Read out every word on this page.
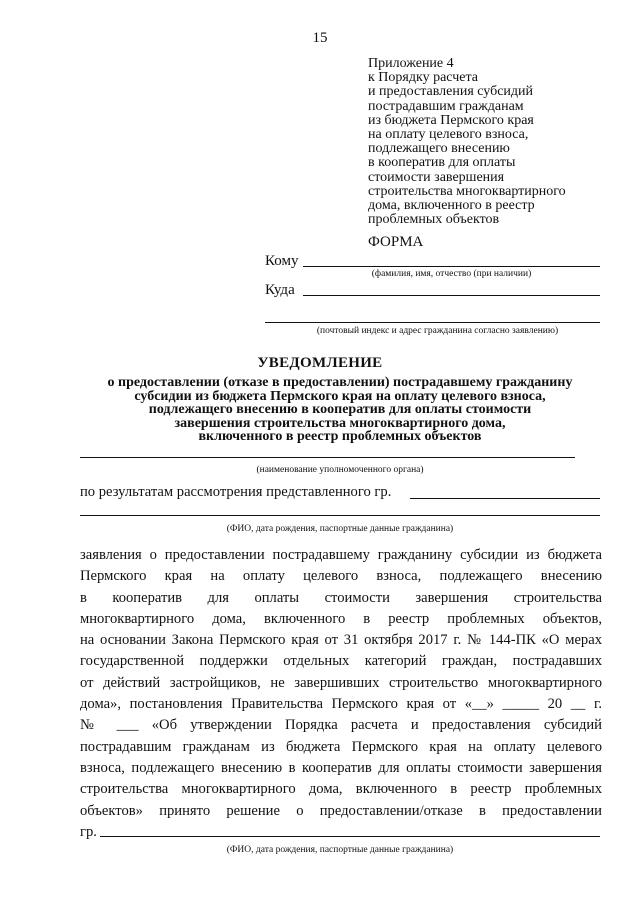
15
Приложение 4
к Порядку расчета
и предоставления субсидий
пострадавшим гражданам
из бюджета Пермского края
на оплату целевого взноса,
подлежащего внесению
в кооператив для оплаты
стоимости завершения
строительства многоквартирного
дома, включенного в реестр
проблемных объектов
ФОРМА
Кому
(фамилия, имя, отчество (при наличии)
Куда
(почтовый индекс и адрес гражданина согласно заявлению)
УВЕДОМЛЕНИЕ
о предоставлении (отказе в предоставлении) пострадавшему гражданину
субсидии из бюджета Пермского края на оплату целевого взноса,
подлежащего внесению в кооператив для оплаты стоимости
завершения строительства многоквартирного дома,
включенного в реестр проблемных объектов
(наименование уполномоченного органа)
по результатам рассмотрения представленного гр.
(ФИО, дата рождения, паспортные данные гражданина)
заявления о предоставлении пострадавшему гражданину субсидии из бюджета
Пермского края на оплату целевого взноса, подлежащего внесению
в кооператив для оплаты стоимости завершения строительства
многоквартирного дома, включенного в реестр проблемных объектов,
на основании Закона Пермского края от 31 октября 2017 г. № 144-ПК «О мерах
государственной поддержки отдельных категорий граждан, пострадавших
от действий застройщиков, не завершивших строительство многоквартирного
дома», постановления Правительства Пермского края от «__» _____ 20 __ г.
№ ___ «Об утверждении Порядка расчета и предоставления субсидий
пострадавшим гражданам из бюджета Пермского края на оплату целевого
взноса, подлежащего внесению в кооператив для оплаты стоимости завершения
строительства многоквартирного дома, включенного в реестр проблемных
объектов» принято решение о предоставлении/отказе в предоставлении
гр.
(ФИО, дата рождения, паспортные данные гражданина)
